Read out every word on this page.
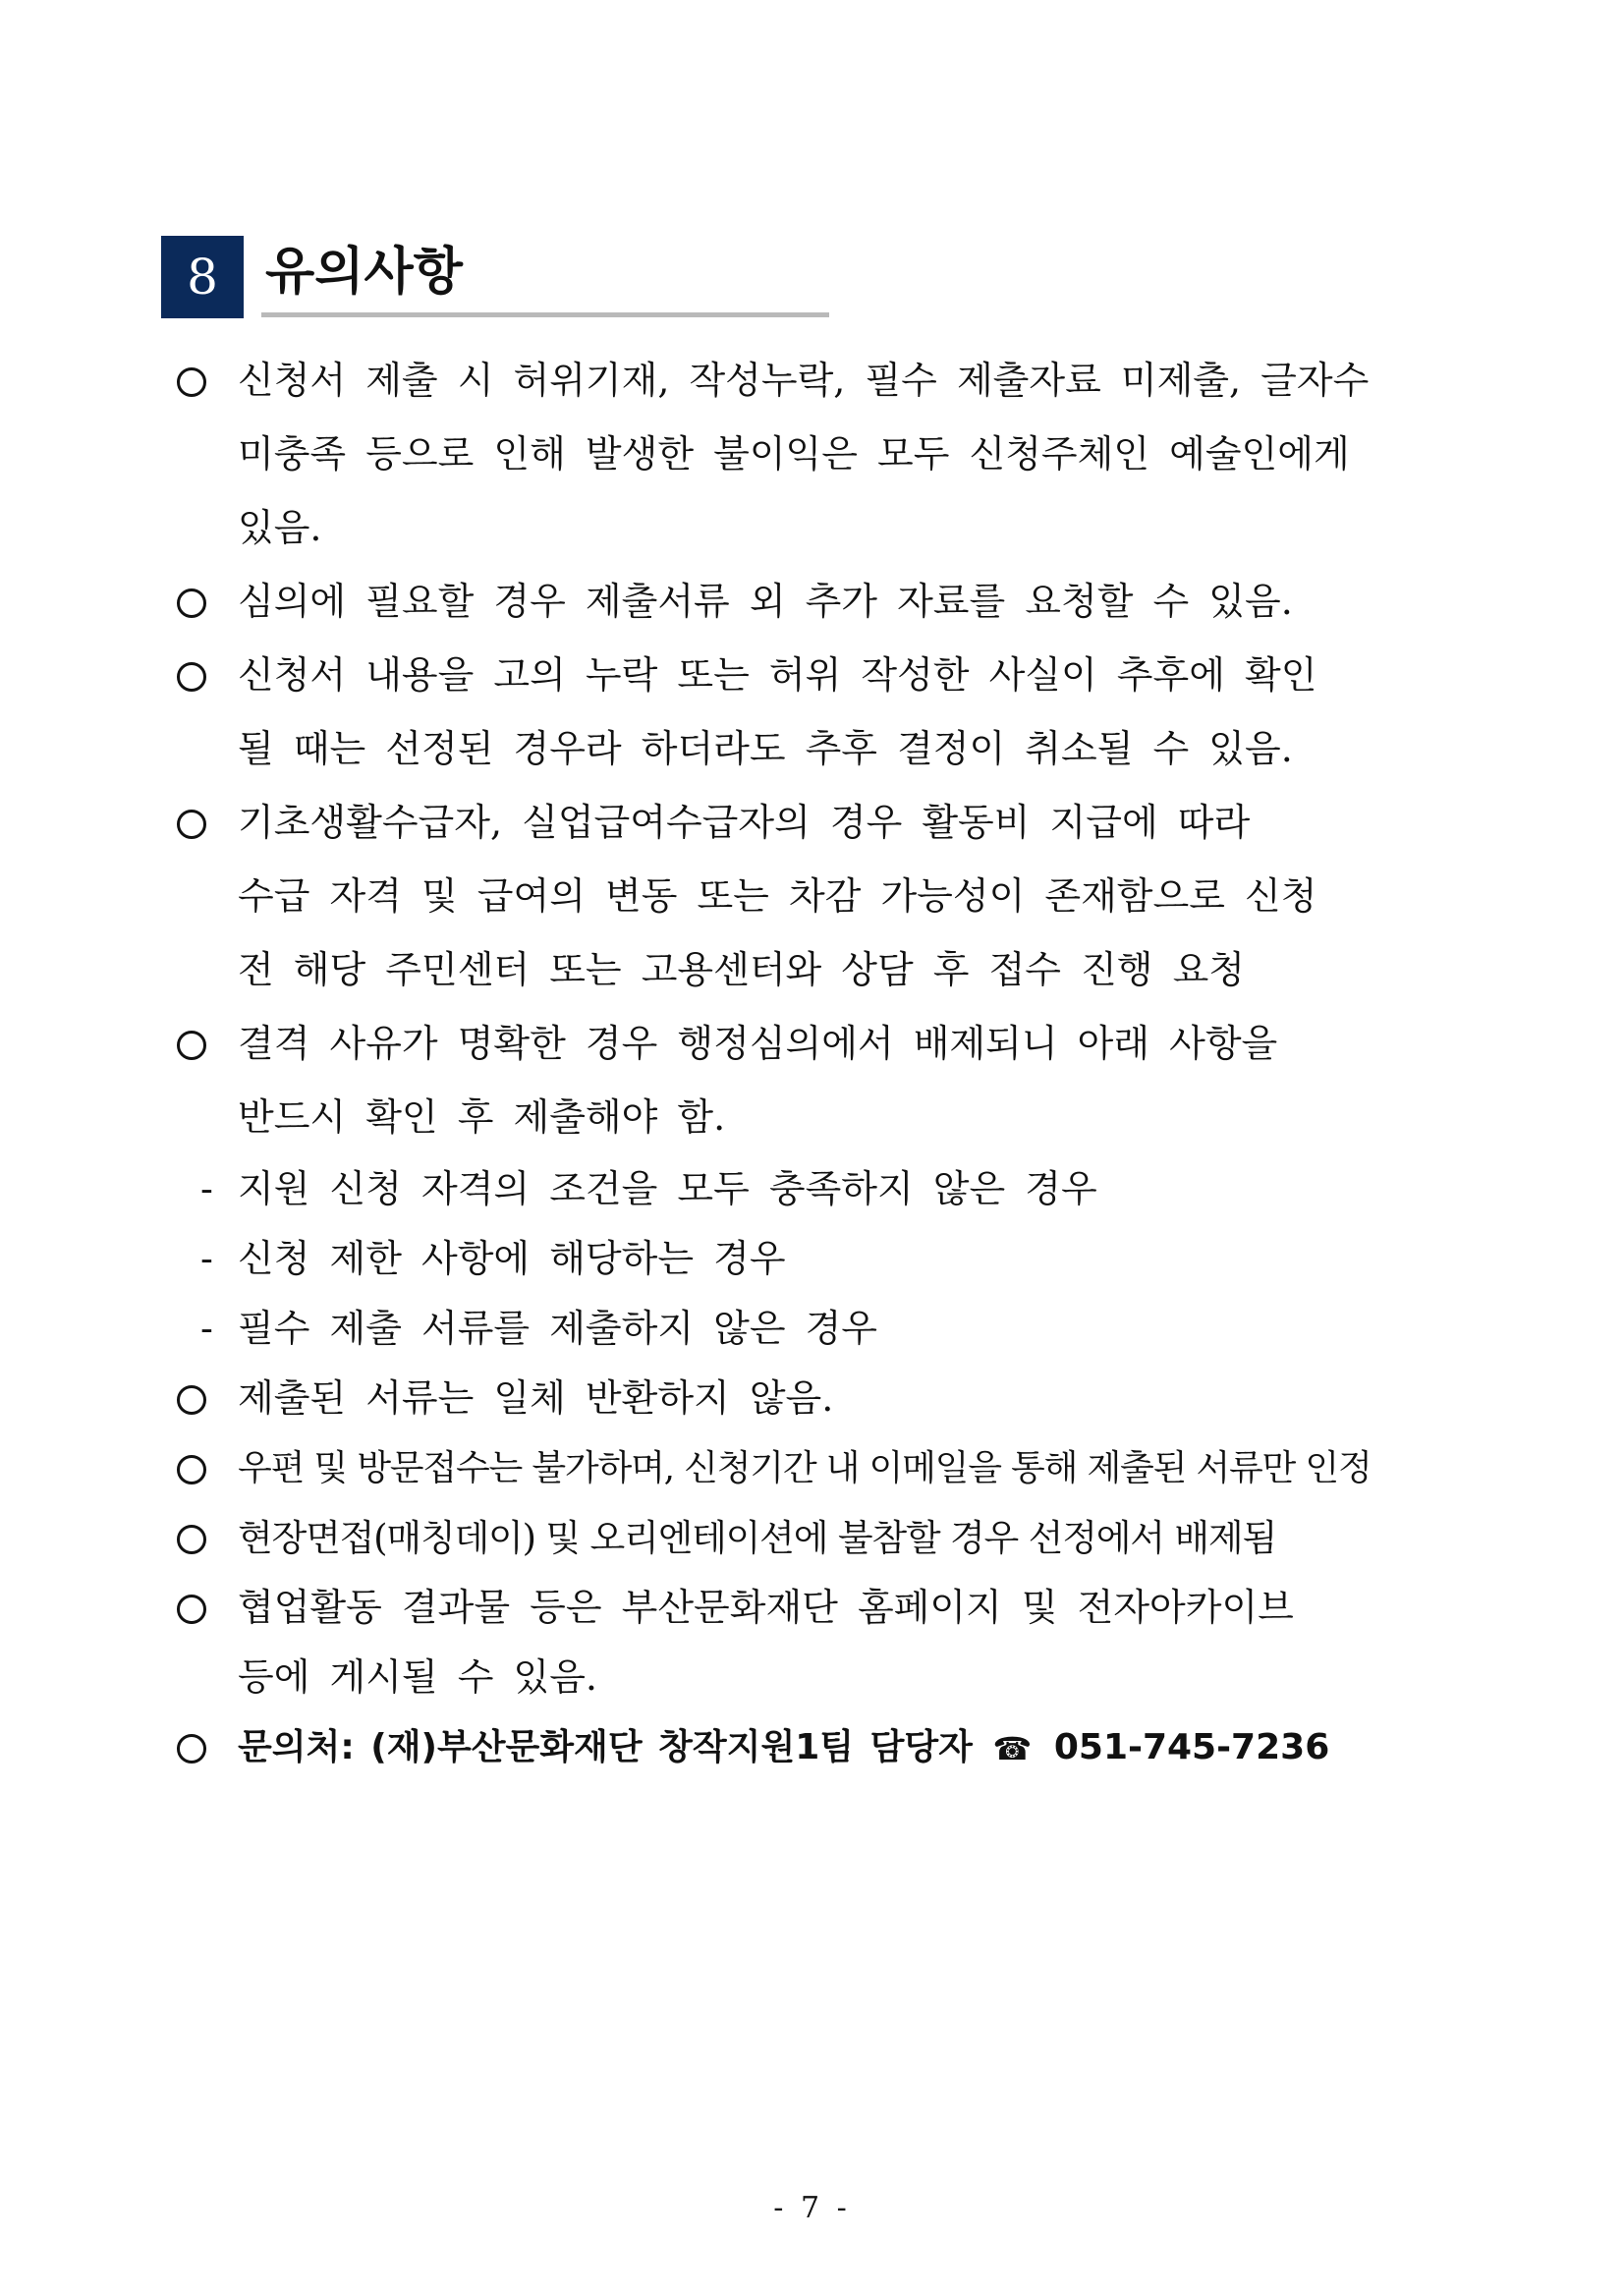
8 유의사항
신청서 제출 시 허위기재, 작성누락, 필수 제출자료 미제출, 글자수
미충족 등으로 인해 발생한 불이익은 모두 신청주체인 예술인에게
있음.
심의에 필요할 경우 제출서류 외 추가 자료를 요청할 수 있음.
신청서 내용을 고의 누락 또는 허위 작성한 사실이 추후에 확인
될 때는 선정된 경우라 하더라도 추후 결정이 취소될 수 있음.
기초생활수급자, 실업급여수급자의 경우 활동비 지급에 따라
수급 자격 및 급여의 변동 또는 차감 가능성이 존재함으로 신청
전 해당 주민센터 또는 고용센터와 상담 후 접수 진행 요청
결격 사유가 명확한 경우 행정심의에서 배제되니 아래 사항을
반드시 확인 후 제출해야 함.
- 지원 신청 자격의 조건을 모두 충족하지 않은 경우
- 신청 제한 사항에 해당하는 경우
- 필수 제출 서류를 제출하지 않은 경우
제출된 서류는 일체 반환하지 않음.
우편 및 방문접수는 불가하며, 신청기간 내 이메일을 통해 제출된 서류만 인정
현장면접(매칭데이) 및 오리엔테이션에 불참할 경우 선정에서 배제됨
협업활동 결과물 등은 부산문화재단 홈페이지 및 전자아카이브
등에 게시될 수 있음.
문의처: (재)부산문화재단 창작지원1팀 담당자 ☎ 051-745-7236
- 7 -
